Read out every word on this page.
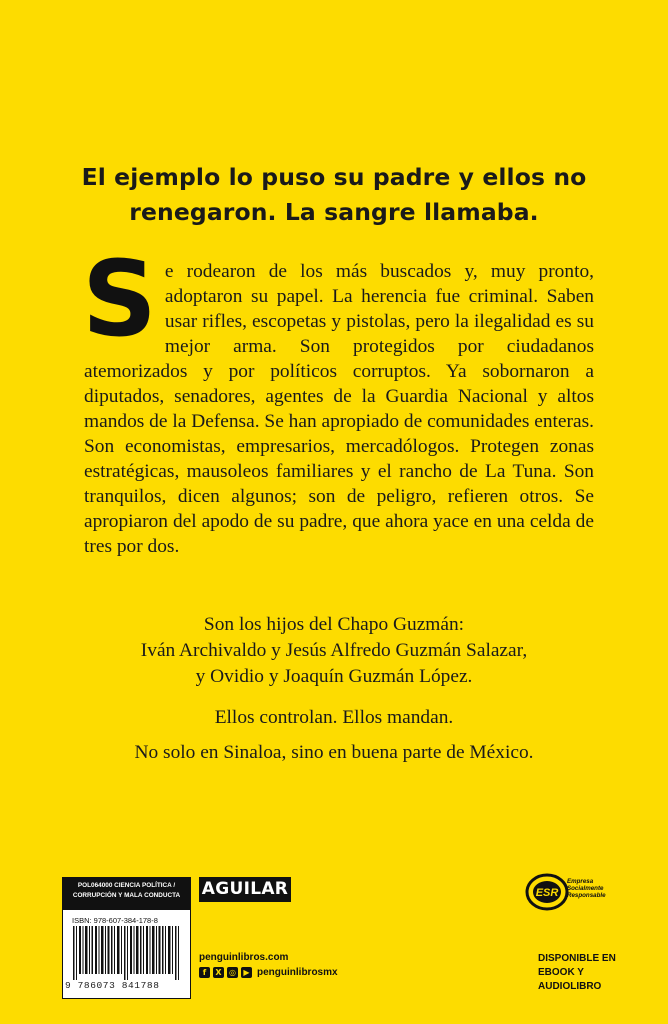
El ejemplo lo puso su padre y ellos no
renegaron. La sangre llamaba.
S e rodearon de los más buscados y, muy pronto, adoptaron su papel. La herencia fue criminal. Saben usar rifles, escopetas y pistolas, pero la ilegalidad es su mejor arma. Son protegidos por ciudadanos atemorizados y por políticos corruptos. Ya sobornaron a diputados, senadores, agentes de la Guardia Nacional y altos mandos de la Defensa. Se han apropiado de comunidades enteras. Son economistas, empresarios, mercadólogos. Protegen zonas estratégicas, mausoleos familiares y el rancho de La Tuna. Son tranquilos, dicen algunos; son de peligro, refieren otros. Se apropiaron del apodo de su padre, que ahora yace en una celda de tres por dos.
Son los hijos del Chapo Guzmán:
Iván Archivaldo y Jesús Alfredo Guzmán Salazar,
y Ovidio y Joaquín Guzmán López.
Ellos controlan. Ellos mandan.
No solo en Sinaloa, sino en buena parte de México.
POL064000 CIENCIA POLÍTICA /
CORRUPCIÓN Y MALA CONDUCTA
ISBN: 978-607-384-178-8
9 786073 841788
AGUILAR
penguinlibros.com
f	X ◎ ▶ penguinlibrosmx
ESR
Empresa
Socialmente
Responsable
DISPONIBLE EN
EBOOK Y AUDIOLIBRO
